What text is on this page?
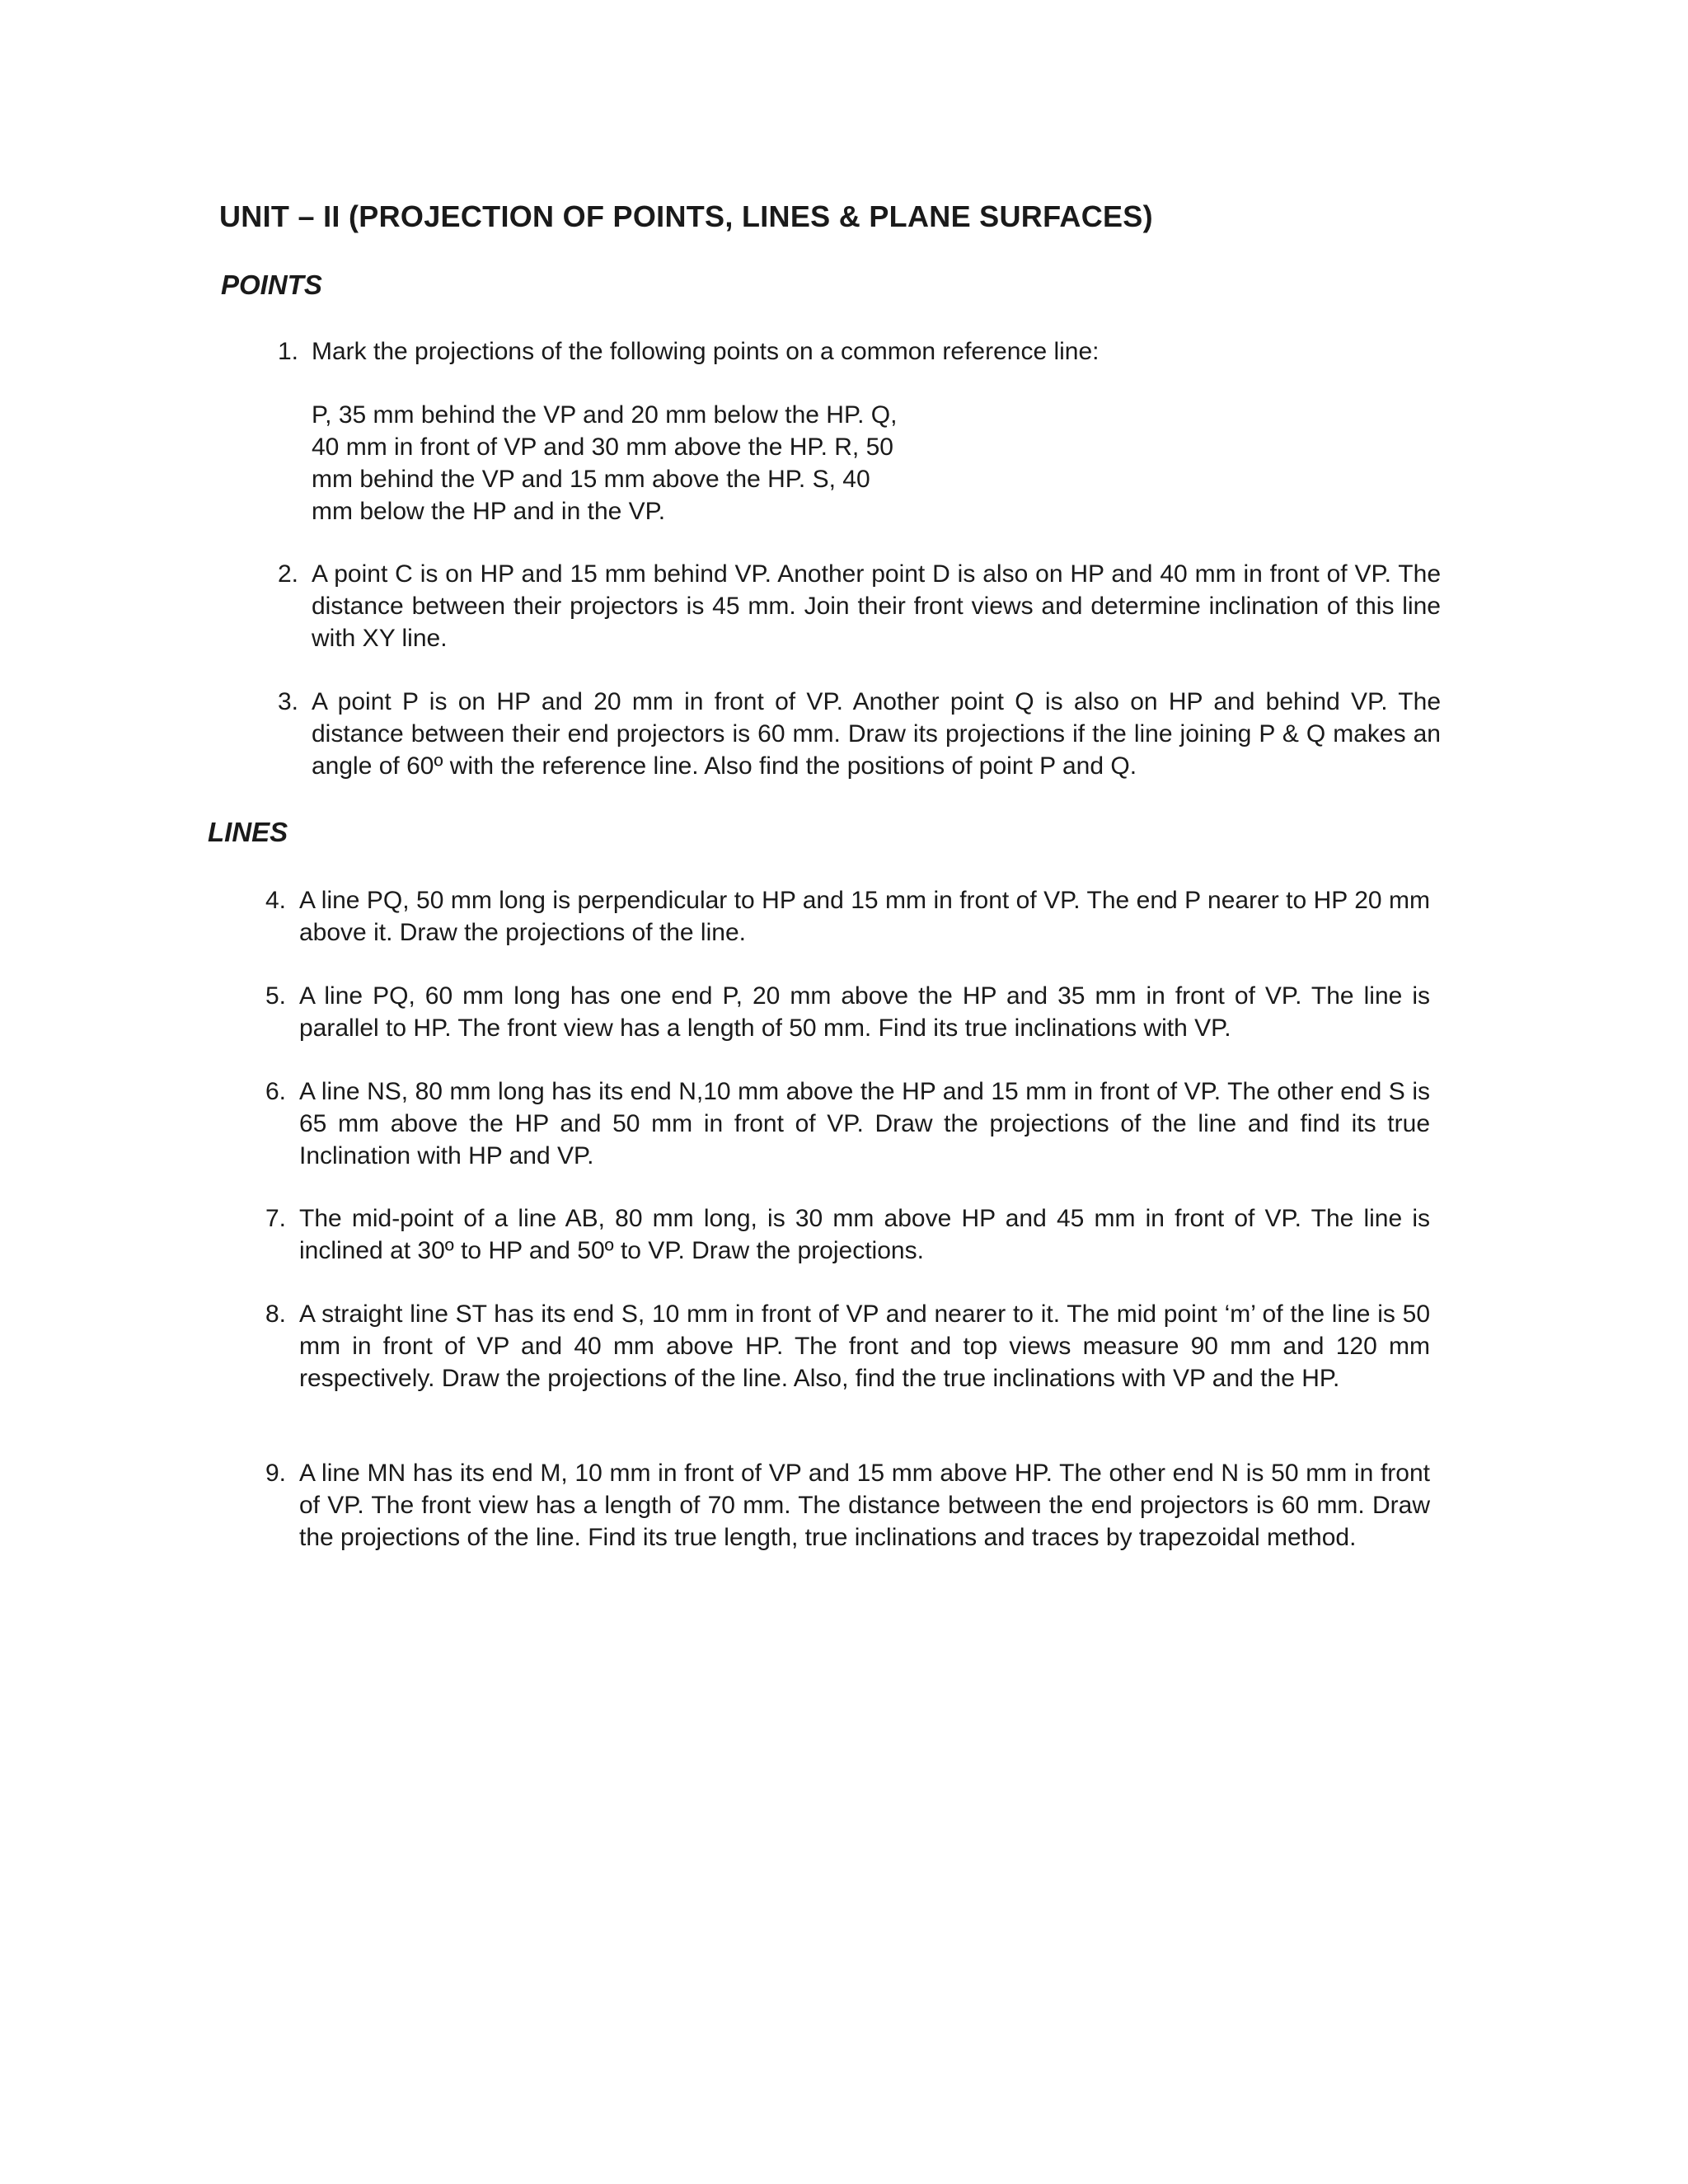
UNIT – II (PROJECTION OF POINTS, LINES & PLANE SURFACES)
POINTS
1. Mark the projections of the following points on a common reference line:
P, 35 mm behind the VP and 20 mm below the HP. Q,
40 mm in front of VP and 30 mm above the HP. R, 50
mm behind the VP and 15 mm above the HP. S, 40
mm below the HP and in the VP.
2. A point C is on HP and 15 mm behind VP. Another point D is also on HP and 40 mm in front of VP. The distance between their projectors is 45 mm. Join their front views and determine inclination of this line with XY line.
3. A point P is on HP and 20 mm in front of VP. Another point Q is also on HP and behind VP. The distance between their end projectors is 60 mm. Draw its projections if the line joining P & Q makes an angle of 60º with the reference line. Also find the positions of point P and Q.
LINES
4. A line PQ, 50 mm long is perpendicular to HP and 15 mm in front of VP. The end P nearer to HP 20 mm above it. Draw the projections of the line.
5. A line PQ, 60 mm long has one end P, 20 mm above the HP and 35 mm in front of VP. The line is parallel to HP. The front view has a length of 50 mm. Find its true inclinations with VP.
6. A line NS, 80 mm long has its end N,10 mm above the HP and 15 mm in front of VP. The other end S is 65 mm above the HP and 50 mm in front of VP. Draw the projections of the line and find its true Inclination with HP and VP.
7. The mid-point of a line AB, 80 mm long, is 30 mm above HP and 45 mm in front of VP. The line is inclined at 30º to HP and 50º to VP. Draw the projections.
8. A straight line ST has its end S, 10 mm in front of VP and nearer to it. The mid point ‘m’ of the line is 50 mm in front of VP and 40 mm above HP. The front and top views measure 90 mm and 120 mm respectively. Draw the projections of the line. Also, find the true inclinations with VP and the HP.
9. A line MN has its end M, 10 mm in front of VP and 15 mm above HP. The other end N is 50 mm in front of VP. The front view has a length of 70 mm. The distance between the end projectors is 60 mm. Draw the projections of the line. Find its true length, true inclinations and traces by trapezoidal method.
